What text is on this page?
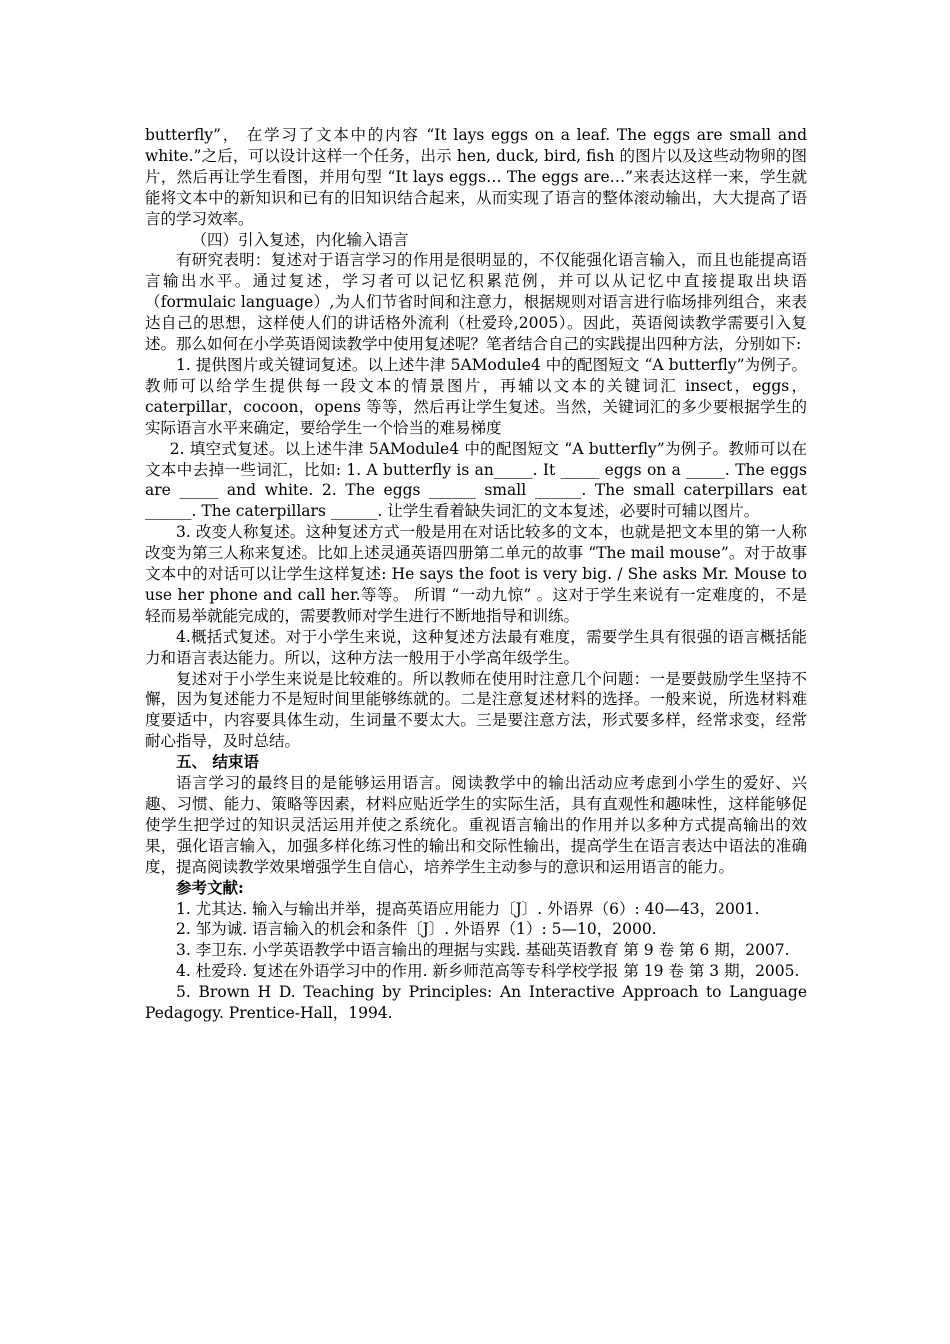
butterfly”， 在学习了文本中的内容 “It lays eggs on a leaf. The eggs are small and white.”之后，可以设计这样一个任务，出示 hen, duck, bird, fish 的图片以及这些动物卵的图片，然后再让学生看图，并用句型 “It lays eggs… The eggs are…”来表达这样一来，学生就能将文本中的新知识和已有的旧知识结合起来，从而实现了语言的整体滚动输出，大大提高了语言的学习效率。

（四）引入复述，内化输入语言

有研究表明：复述对于语言学习的作用是很明显的，不仅能强化语言输入，而且也能提高语言输出水平。通过复述，学习者可以记忆积累范例，并可以从记忆中直接提取出块语（formulaic language）,为人们节省时间和注意力，根据规则对语言进行临场排列组合，来表达自己的思想，这样使人们的讲话格外流利（杜爱玲,2005）。因此，英语阅读教学需要引入复述。那么如何在小学英语阅读教学中使用复述呢？笔者结合自己的实践提出四种方法，分别如下:

1. 提供图片或关键词复述。以上述牛津 5AModule4 中的配图短文 “A butterfly”为例子。教师可以给学生提供每一段文本的情景图片，再辅以文本的关键词汇 insect，eggs，caterpillar，cocoon，opens 等等，然后再让学生复述。当然，关键词汇的多少要根据学生的实际语言水平来确定，要给学生一个恰当的难易梯度

2. 填空式复述。以上述牛津 5AModule4 中的配图短文 “A butterfly”为例子。教师可以在文本中去掉一些词汇，比如: 1. A butterfly is an_____. It _____ eggs on a _____. The eggs are _____ and white. 2. The eggs ______ small ______. The small caterpillars eat ______. The caterpillars ______. 让学生看着缺失词汇的文本复述，必要时可辅以图片。

3. 改变人称复述。这种复述方式一般是用在对话比较多的文本，也就是把文本里的第一人称改变为第三人称来复述。比如上述灵通英语四册第二单元的故事 “The mail mouse”。对于故事文本中的对话可以让学生这样复述: He says the foot is very big. / She asks Mr. Mouse to use her phone and call her.等等。 所谓 “一动九惊” 。这对于学生来说有一定难度的，不是轻而易举就能完成的，需要教师对学生进行不断地指导和训练。

4.概括式复述。对于小学生来说，这种复述方法最有难度，需要学生具有很强的语言概括能力和语言表达能力。所以，这种方法一般用于小学高年级学生。

复述对于小学生来说是比较难的。所以教师在使用时注意几个问题：一是要鼓励学生坚持不懈，因为复述能力不是短时间里能够练就的。二是注意复述材料的选择。一般来说，所选材料难度要适中，内容要具体生动，生词量不要太大。三是要注意方法，形式要多样，经常求变，经常耐心指导，及时总结。

五、 结束语

语言学习的最终目的是能够运用语言。阅读教学中的输出活动应考虑到小学生的爱好、兴趣、习惯、能力、策略等因素，材料应贴近学生的实际生活，具有直观性和趣味性，这样能够促使学生把学过的知识灵活运用并使之系统化。重视语言输出的作用并以多种方式提高输出的效果，强化语言输入，加强多样化练习性的输出和交际性输出，提高学生在语言表达中语法的准确度，提高阅读教学效果增强学生自信心，培养学生主动参与的意识和运用语言的能力。

参考文献:

1. 尤其达. 输入与输出并举，提高英语应用能力〔J〕. 外语界（6）: 40—43，2001.

2. 邹为诚. 语言输入的机会和条件〔J〕. 外语界（1）: 5—10，2000.

3. 李卫东. 小学英语教学中语言输出的理据与实践. 基础英语教育 第 9 卷 第 6 期，2007.

4. 杜爱玲. 复述在外语学习中的作用. 新乡师范高等专科学校学报 第 19 卷 第 3 期，2005.

5. Brown H D. Teaching by Principles: An Interactive Approach to Language Pedagogy. Prentice-Hall，1994.
